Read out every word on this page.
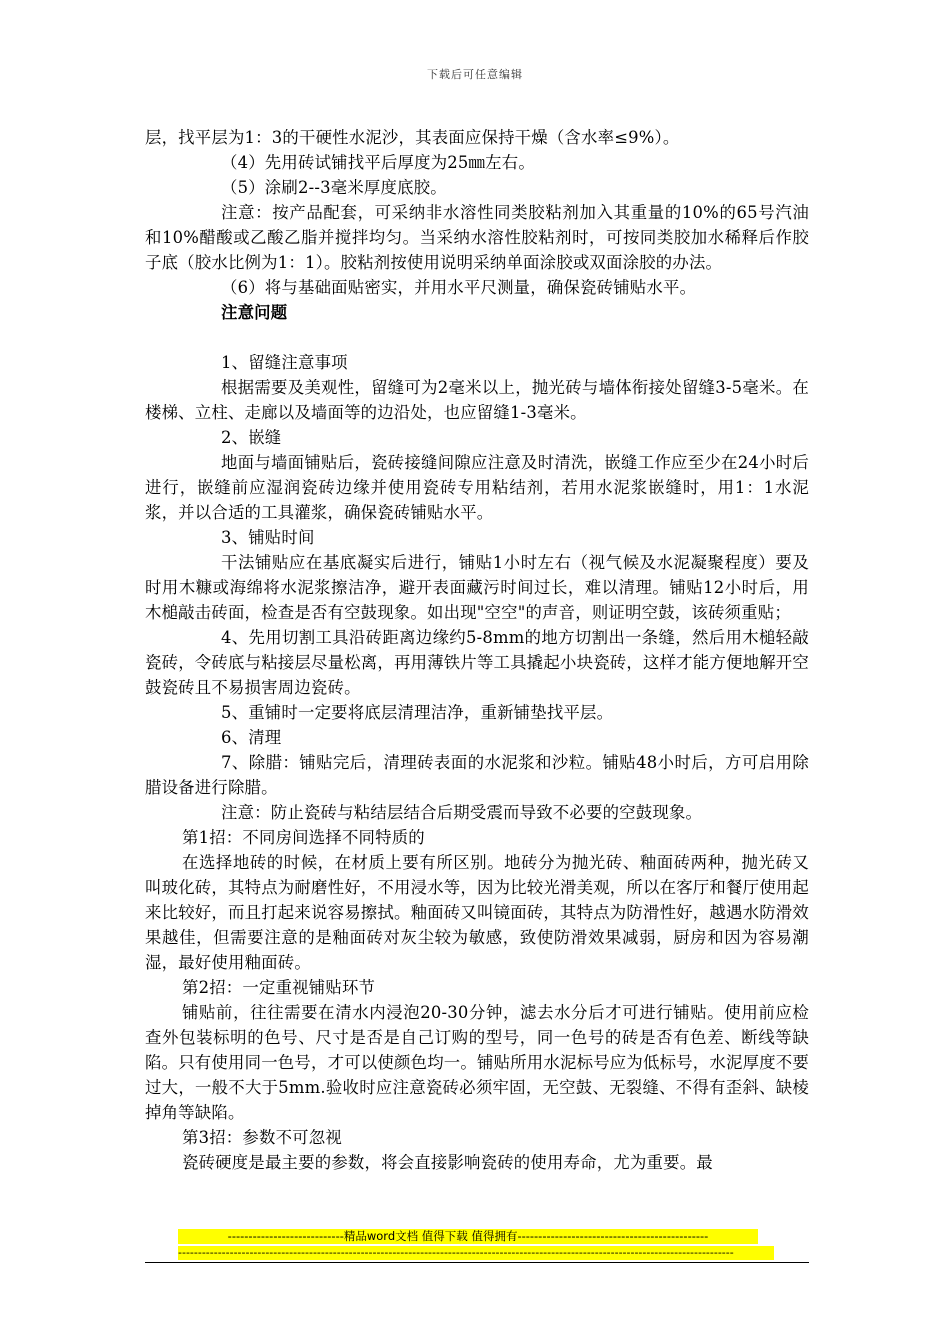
下载后可任意编辑

层，找平层为1：3的干硬性水泥沙，其表面应保持干燥（含水率≤9%）。

（4）先用砖试铺找平后厚度为25㎜左右。

（5）涂刷2--3毫米厚度底胶。

注意：按产品配套，可采纳非水溶性同类胶粘剂加入其重量的10%的65号汽油和10%醋酸或乙酸乙脂并搅拌均匀。当采纳水溶性胶粘剂时，可按同类胶加水稀释后作胶子底（胶水比例为1：1）。胶粘剂按使用说明采纳单面涂胶或双面涂胶的办法。

（6）将与基础面贴密实，并用水平尺测量，确保瓷砖铺贴水平。

注意问题

1、留缝注意事项

根据需要及美观性，留缝可为2毫米以上，抛光砖与墙体衔接处留缝3-5毫米。在楼梯、立柱、走廊以及墙面等的边沿处，也应留缝1-3毫米。

2、嵌缝

地面与墙面铺贴后，瓷砖接缝间隙应注意及时清洗，嵌缝工作应至少在24小时后进行，嵌缝前应湿润瓷砖边缘并使用瓷砖专用粘结剂，若用水泥浆嵌缝时，用1：1水泥浆，并以合适的工具灌浆，确保瓷砖铺贴水平。

3、铺贴时间

干法铺贴应在基底凝实后进行，铺贴1小时左右（视气候及水泥凝聚程度）要及时用木糠或海绵将水泥浆擦洁净，避开表面藏污时间过长，难以清理。铺贴12小时后，用木槌敲击砖面，检查是否有空鼓现象。如出现"空空"的声音，则证明空鼓，该砖须重贴；

4、先用切割工具沿砖距离边缘约5-8mm的地方切割出一条缝，然后用木槌轻敲瓷砖，令砖底与粘接层尽量松离，再用薄铁片等工具撬起小块瓷砖，这样才能方便地解开空鼓瓷砖且不易损害周边瓷砖。

5、重铺时一定要将底层清理洁净，重新铺垫找平层。

6、清理

7、除腊：铺贴完后，清理砖表面的水泥浆和沙粒。铺贴48小时后，方可启用除腊设备进行除腊。

注意：防止瓷砖与粘结层结合后期受震而导致不必要的空鼓现象。

第1招：不同房间选择不同特质的

在选择地砖的时候，在材质上要有所区别。地砖分为抛光砖、釉面砖两种，抛光砖又叫玻化砖，其特点为耐磨性好，不用浸水等，因为比较光滑美观，所以在客厅和餐厅使用起来比较好，而且打起来说容易擦拭。釉面砖又叫镜面砖，其特点为防滑性好，越遇水防滑效果越佳，但需要注意的是釉面砖对灰尘较为敏感，致使防滑效果减弱，厨房和因为容易潮湿，最好使用釉面砖。

第2招：一定重视铺贴环节

铺贴前，往往需要在清水内浸泡20-30分钟，滤去水分后才可进行铺贴。使用前应检查外包装标明的色号、尺寸是否是自己订购的型号，同一色号的砖是否有色差、断线等缺陷。只有使用同一色号，才可以使颜色均一。铺贴所用水泥标号应为低标号，水泥厚度不要过大，一般不大于5mm.验收时应注意瓷砖必须牢固，无空鼓、无裂缝、不得有歪斜、缺棱掉角等缺陷。

第3招：参数不可忽视

瓷砖硬度是最主要的参数，将会直接影响瓷砖的使用寿命，尤为重要。最

----------------------------精品word文档 值得下载 值得拥有----------------------------------------------
--------------------------------------------------------------------------------------------------------------------------------------------
